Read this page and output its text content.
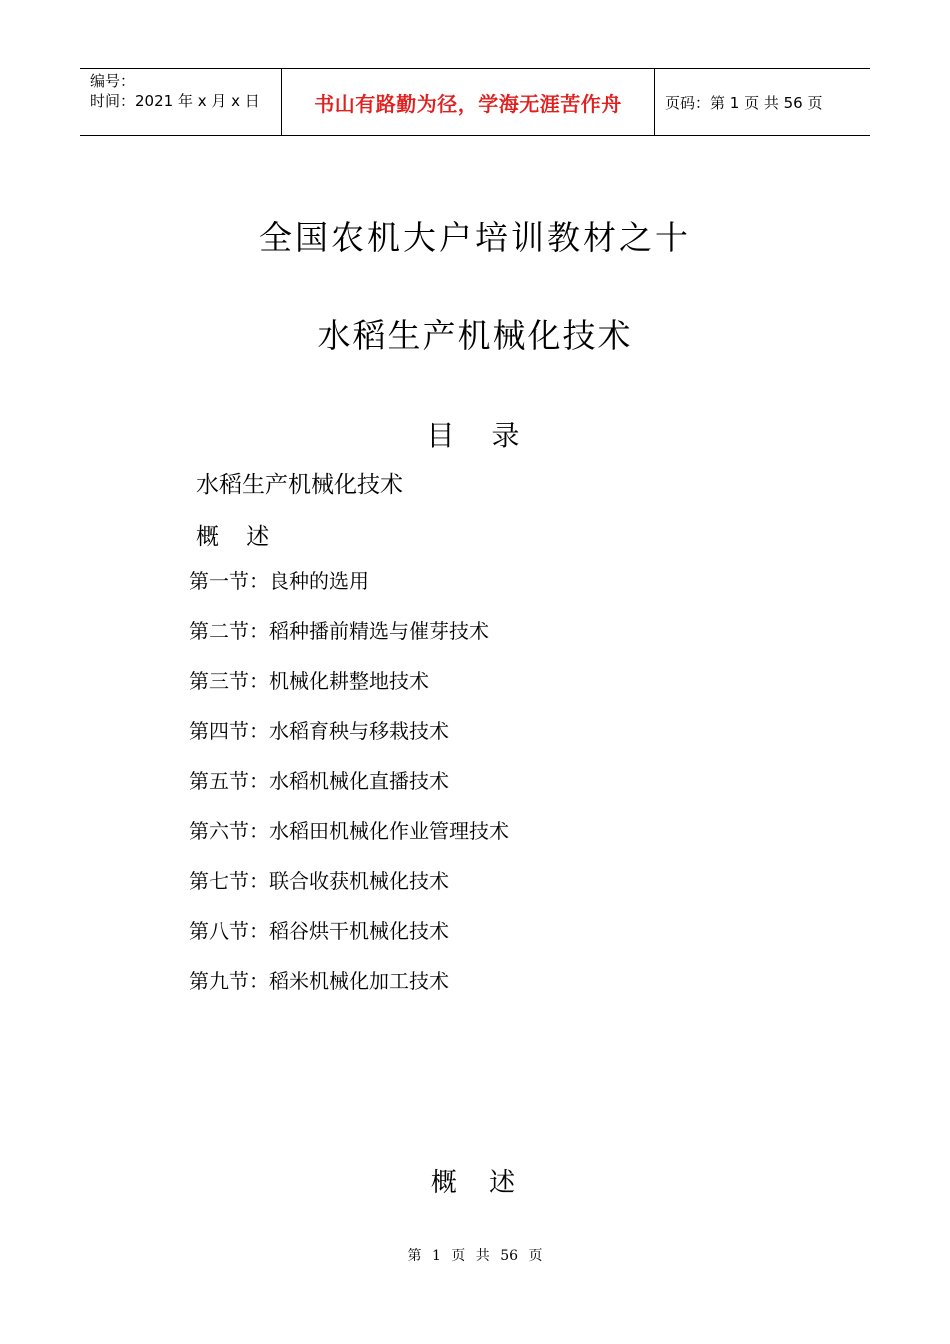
编号：
时间：2021 年 x 月 x 日	书山有路勤为径，学海无涯苦作舟	页码：第 1 页 共 56 页
全国农机大户培训教材之十
水稻生产机械化技术
目 录
水稻生产机械化技术
概 述
第一节：良种的选用
第二节：稻种播前精选与催芽技术
第三节：机械化耕整地技术
第四节：水稻育秧与移栽技术
第五节：水稻机械化直播技术
第六节：水稻田机械化作业管理技术
第七节：联合收获机械化技术
第八节：稻谷烘干机械化技术
第九节：稻米机械化加工技术
概 述
第 1 页 共 56 页
